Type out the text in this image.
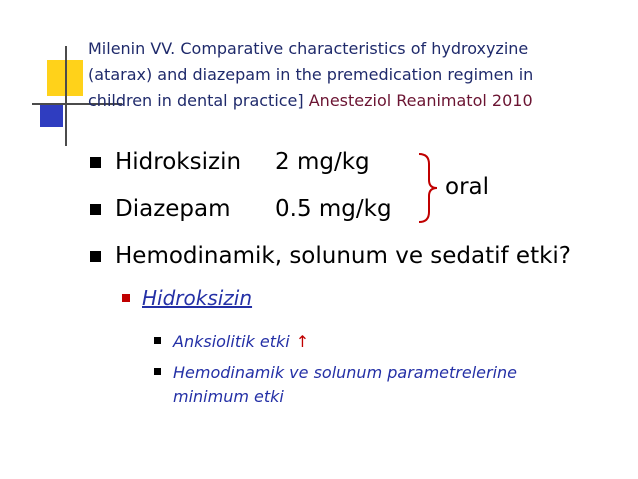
Milenin VV. Comparative characteristics of hydroxyzine
(atarax) and diazepam in the premedication regimen in
children in dental practice] Anesteziol Reanimatol 2010
Hidroksizin	2 mg/kg
Diazepam	0.5 mg/kg
oral
Hemodinamik, solunum ve sedatif etki?
Hidroksizin
Anksiolitik etki ↑
Hemodinamik ve solunum parametrelerine
minimum etki
